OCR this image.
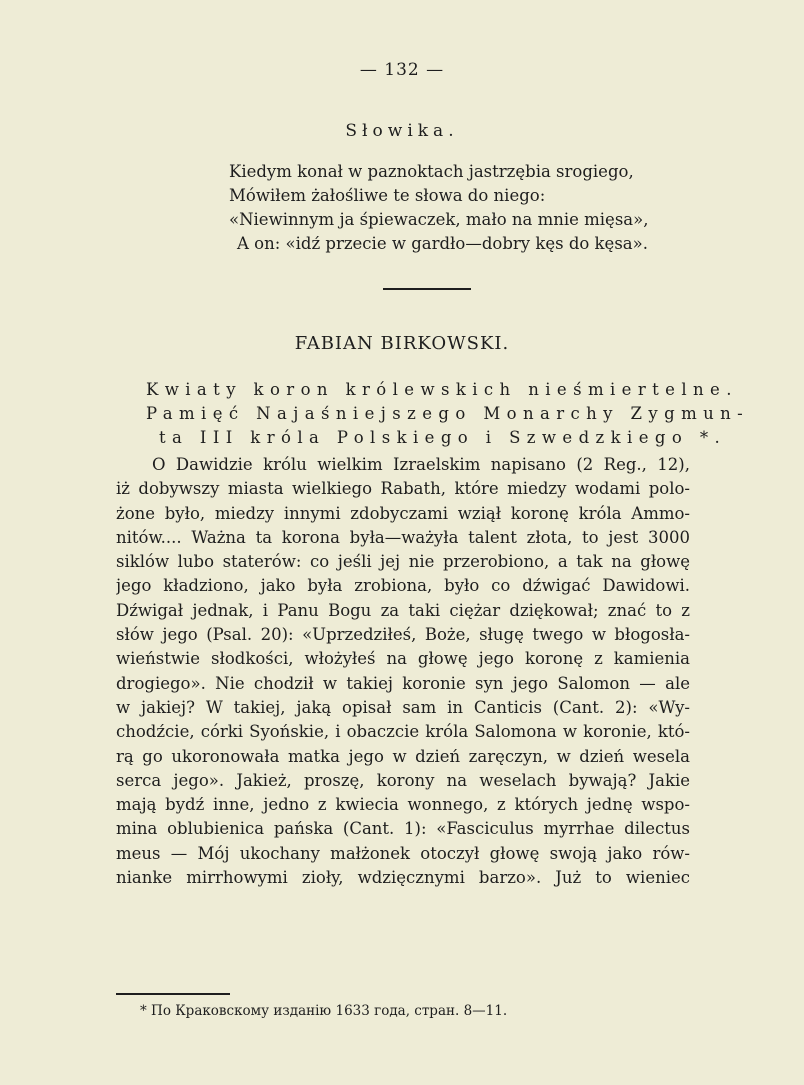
— 132 —
Słowika.
Kiedym konał w paznoktach jastrzębia srogiego,
Mówiłem żałośliwe te słowa do niego:
«Niewinnym ja śpiewaczek, mało na mnie mięsa»,
A on: «idź przecie w gardło—dobry kęs do kęsa».
FABIAN BIRKOWSKI.
Kwiaty koron królewskich nieśmiertelne.
Pamięć Najaśniejszego Monarchy Zygmun-
ta III króla Polskiego i Szwedzkiego *.
O Dawidzie królu wielkim Izraelskim napisano (2 Reg., 12),
iż dobywszy miasta wielkiego Rabath, które miedzy wodami polo-
żone było, miedzy innymi zdobyczami wziął koronę króla Ammo-
nitów.... Ważna ta korona była—ważyła talent złota, to jest 3000
siklów lubo staterów: co jeśli jej nie przerobiono, a tak na głowę
jego kładziono, jako była zrobiona, było co dźwigać Dawidowi.
Dźwigał jednak, i Panu Bogu za taki ciężar dziękował; znać to z
słów jego (Psal. 20): «Uprzedziłeś, Boże, sługę twego w błogosła-
wieństwie słodkości, włożyłeś na głowę jego koronę z kamienia
drogiego». Nie chodził w takiej koronie syn jego Salomon — ale
w jakiej? W takiej, jaką opisał sam in Canticis (Cant. 2): «Wy-
chodźcie, córki Syońskie, i obaczcie króla Salomona w koronie, któ-
rą go ukoronowała matka jego w dzień zaręczyn, w dzień wesela
serca jego». Jakież, proszę, korony na weselach bywają? Jakie
mają bydź inne, jedno z kwiecia wonnego, z których jednę wspo-
mina oblubienica pańska (Cant. 1): «Fasciculus myrrhae dilectus
meus — Mój ukochany małżonek otoczył głowę swoją jako rów-
nianke mirrhowymi zioły, wdzięcznymi barzo». Już to wieniec
* По Краковскому изданію 1633 года, стран. 8—11.
